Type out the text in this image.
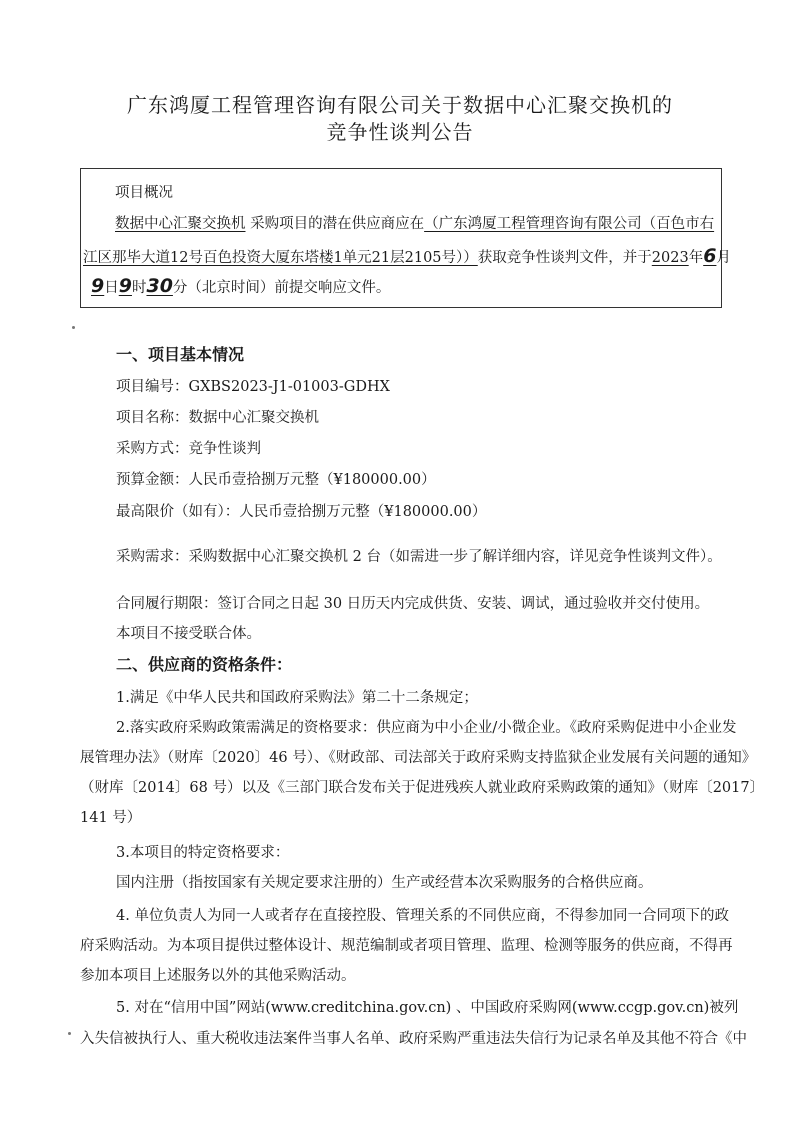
广东鸿厦工程管理咨询有限公司关于数据中心汇聚交换机的
竞争性谈判公告
项目概况
数据中心汇聚交换机 采购项目的潜在供应商应在（广东鸿厦工程管理咨询有限公司（百色市右
江区那毕大道12号百色投资大厦东塔楼1单元21层2105号））获取竞争性谈判文件，并于2023年6月
9日9时30分（北京时间）前提交响应文件。
一、项目基本情况
项目编号：GXBS2023-J1-01003-GDHX
项目名称：数据中心汇聚交换机
采购方式：竞争性谈判
预算金额：人民币壹拾捌万元整（¥180000.00）
最高限价（如有）：人民币壹拾捌万元整（¥180000.00）
采购需求：采购数据中心汇聚交换机 2 台（如需进一步了解详细内容，详见竞争性谈判文件）。
合同履行期限：签订合同之日起 30 日历天内完成供货、安装、调试，通过验收并交付使用。
本项目不接受联合体。
二、供应商的资格条件：
1.满足《中华人民共和国政府采购法》第二十二条规定；
2.落实政府采购政策需满足的资格要求：供应商为中小企业/小微企业。《政府采购促进中小企业发
展管理办法》（财库〔2020〕46 号）、《财政部、司法部关于政府采购支持监狱企业发展有关问题的通知》
（财库〔2014〕68 号）以及《三部门联合发布关于促进残疾人就业政府采购政策的通知》（财库〔2017〕
141 号）
3.本项目的特定资格要求：
国内注册（指按国家有关规定要求注册的）生产或经营本次采购服务的合格供应商。
4. 单位负责人为同一人或者存在直接控股、管理关系的不同供应商，不得参加同一合同项下的政
府采购活动。为本项目提供过整体设计、规范编制或者项目管理、监理、检测等服务的供应商，不得再
参加本项目上述服务以外的其他采购活动。
5. 对在“信用中国”网站(www.creditchina.gov.cn) 、中国政府采购网(www.ccgp.gov.cn)被列
入失信被执行人、重大税收违法案件当事人名单、政府采购严重违法失信行为记录名单及其他不符合《中
